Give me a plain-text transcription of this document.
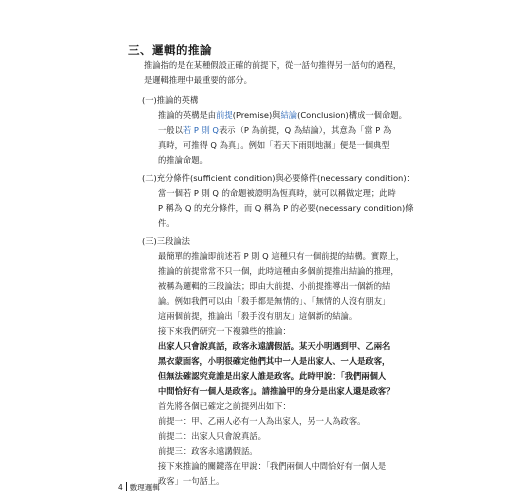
三、邏輯的推論
推論指的是在某種假設正確的前提下，從一話句推得另一話句的過程，
是邏輯推理中最重要的部分。
(一)推論的英構
推論的英構是由前提(Premise)與結論(Conclusion)構成一個命題。
一般以若 P 則 Q表示（P 為前提，Q 為結論），其意為「當 P 為
真時，可推得 Q 為真」。例如「若天下雨則地濕」便是一個典型
的推論命題。
(二)充分條件(sufficient condition)與必要條件(necessary condition)：
當一個若 P 則 Q 的命題被證明為恆真時，就可以稱做定理；此時
P 稱為 Q 的充分條件，而 Q 稱為 P 的必要(necessary condition)條
件。
(三)三段論法
最簡單的推論即前述若 P 則 Q 這種只有一個前提的結構。實際上，
推論的前提常常不只一個，此時這種由多個前提推出結論的推理，
被稱為邏輯的三段論法；即由大前提、小前提推導出一個新的結
論。例如我們可以由「殺手都是無情的」、「無情的人沒有朋友」
這兩個前提，推論出「殺手沒有朋友」這個新的結論。
接下來我們研究一下複雜些的推論：
出家人只會說真話，政客永遠講假話。某天小明遇到甲、乙兩名
黑衣蒙面客，小明很確定他們其中一人是出家人、一人是政客，
但無法確認究竟誰是出家人誰是政客。此時甲說：「我們兩個人
中間恰好有一個人是政客」。請推論甲的身分是出家人還是政客？
首先將各個已確定之前提列出如下：
前提一：甲、乙兩人必有一人為出家人，另一人為政客。
前提二：出家人只會說真話。
前提三：政客永遠講假話。
接下來推論的關鍵落在甲說：「我們兩個人中間恰好有一個人是
政客」一句話上。
4 數理邏輯
